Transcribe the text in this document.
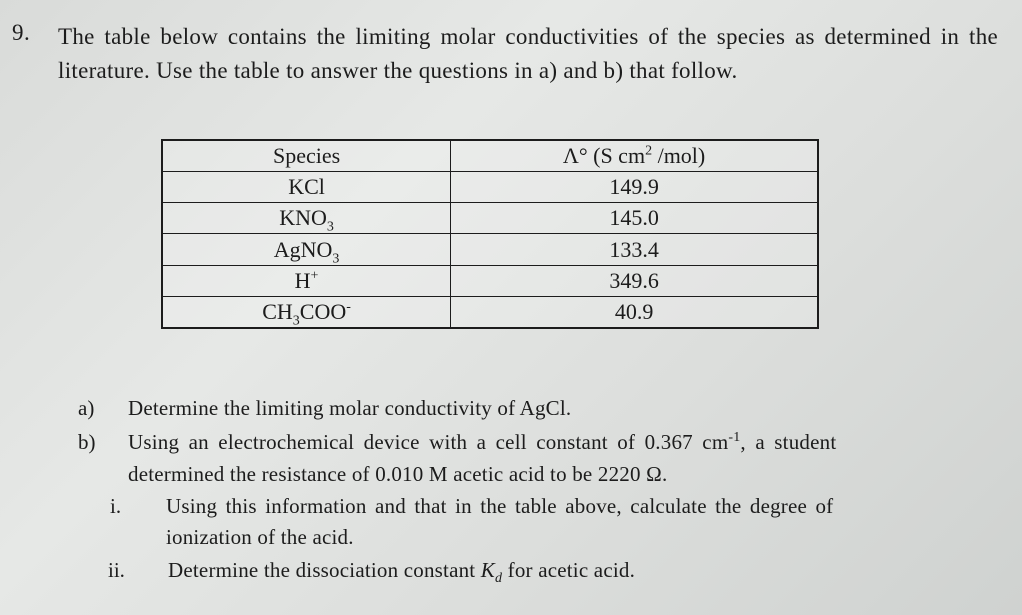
9. The table below contains the limiting molar conductivities of the species as determined in the literature. Use the table to answer the questions in a) and b) that follow.
Species	Λ° (S $cm^2$ /mol)
KCl	149.9
$KNO_3$	145.0
AgNO$_3$	133.4
H+	349.6
$CH_3COO^-$	40.9
a) Determine the limiting molar conductivity of AgCl.
b) Using an electrochemical device with a cell constant of 0.367 $cm^{-1}$, a student
determined the resistance of 0.010 M acetic acid to be 2220 Ω.
i. Using this information and that in the table above, calculate the degree of
ionization of the acid.
ii. Determine the dissociation constant $K_d$ for acetic acid.
